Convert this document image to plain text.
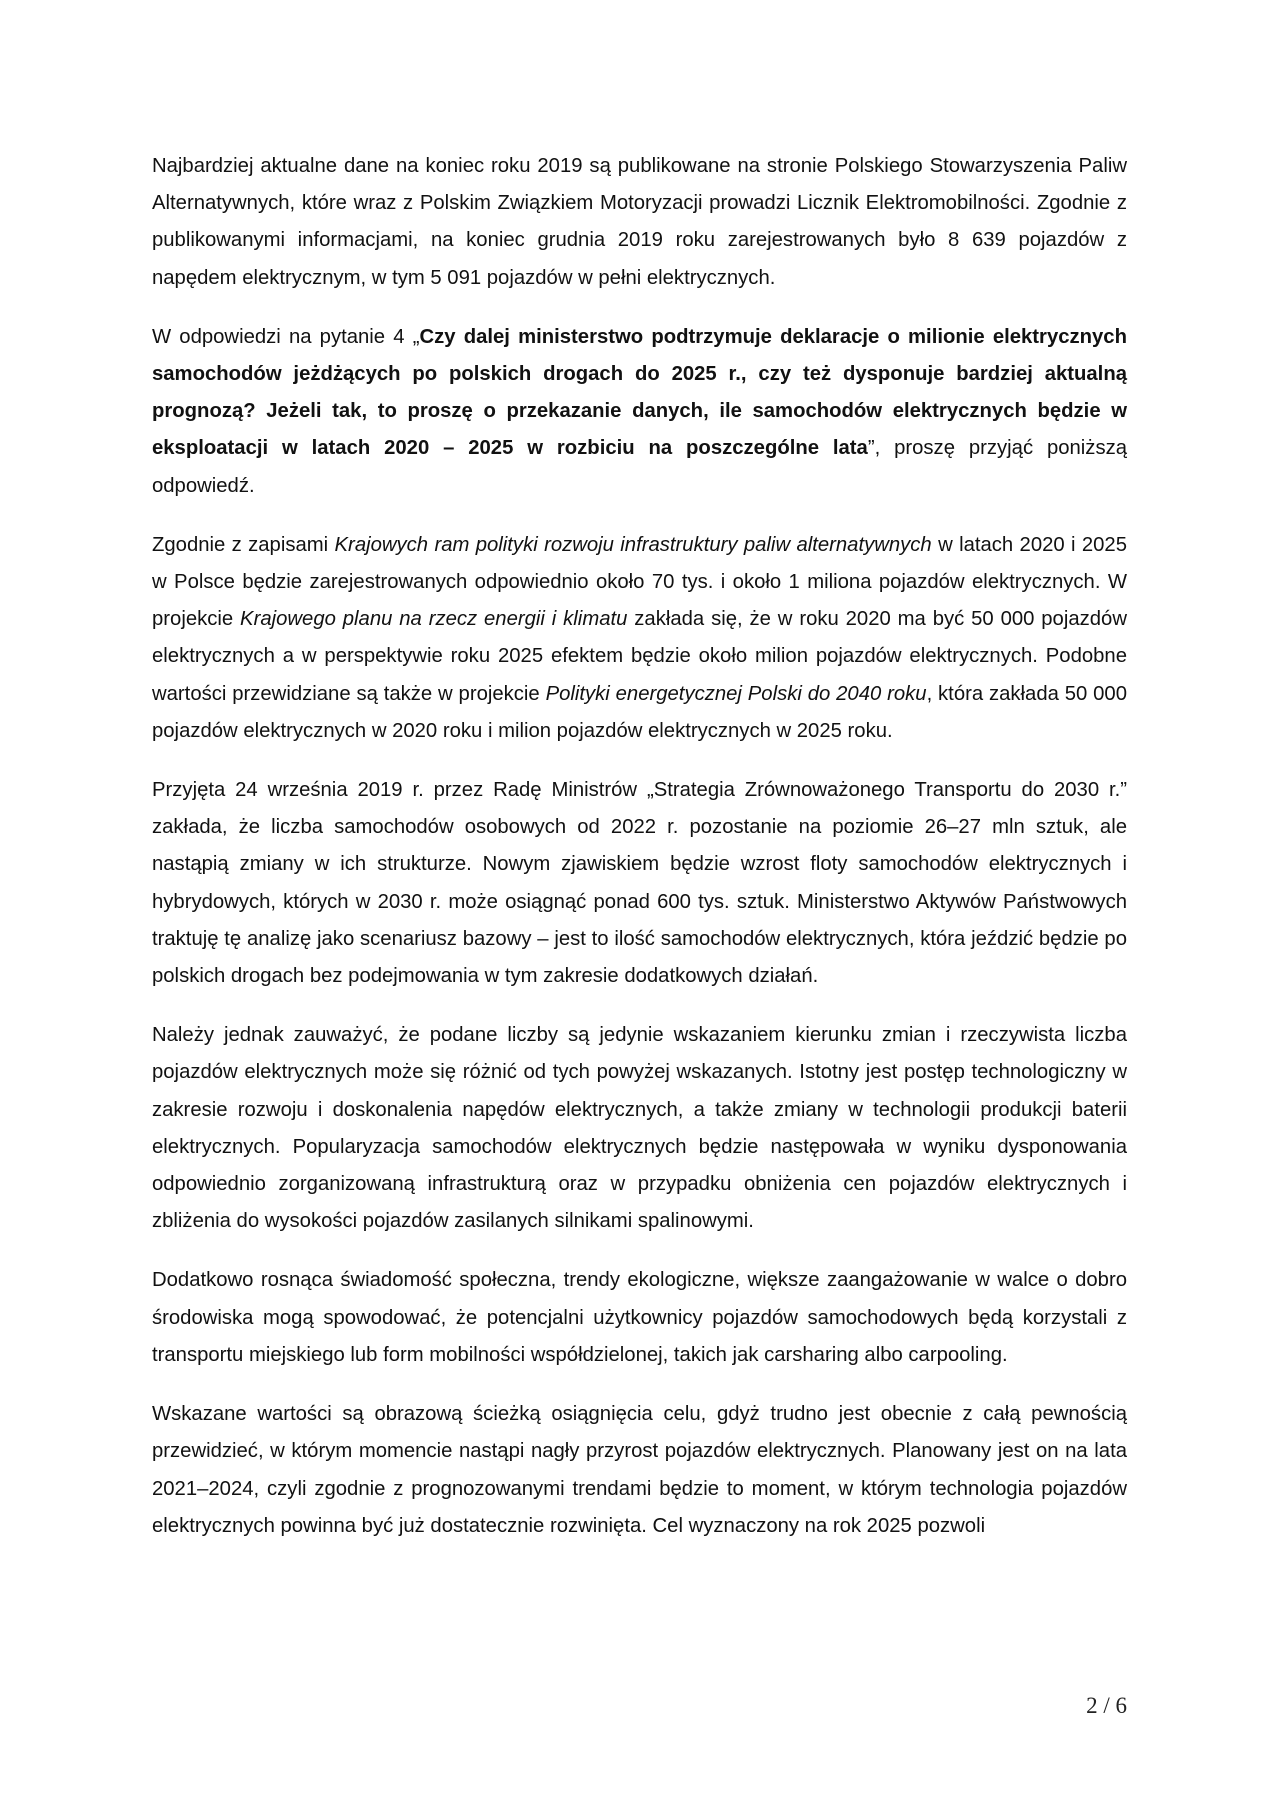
Najbardziej aktualne dane na koniec roku 2019 są publikowane na stronie Polskiego Stowarzyszenia Paliw Alternatywnych, które wraz z Polskim Związkiem Motoryzacji prowadzi Licznik Elektromobilności. Zgodnie z publikowanymi informacjami, na koniec grudnia 2019 roku zarejestrowanych było 8 639 pojazdów z napędem elektrycznym, w tym 5 091 pojazdów w pełni elektrycznych.

W odpowiedzi na pytanie 4 „Czy dalej ministerstwo podtrzymuje deklaracje o milionie elektrycznych samochodów jeżdżących po polskich drogach do 2025 r., czy też dysponuje bardziej aktualną prognozą? Jeżeli tak, to proszę o przekazanie danych, ile samochodów elektrycznych będzie w eksploatacji w latach 2020 – 2025 w rozbiciu na poszczególne lata”, proszę przyjąć poniższą odpowiedź.

Zgodnie z zapisami Krajowych ram polityki rozwoju infrastruktury paliw alternatywnych w latach 2020 i 2025 w Polsce będzie zarejestrowanych odpowiednio około 70 tys. i około 1 miliona pojazdów elektrycznych. W projekcie Krajowego planu na rzecz energii i klimatu zakłada się, że w roku 2020 ma być 50 000 pojazdów elektrycznych a w perspektywie roku 2025 efektem będzie około milion pojazdów elektrycznych. Podobne wartości przewidziane są także w projekcie Polityki energetycznej Polski do 2040 roku, która zakłada 50 000 pojazdów elektrycznych w 2020 roku i milion pojazdów elektrycznych w 2025 roku.

Przyjęta 24 września 2019 r. przez Radę Ministrów „Strategia Zrównoważonego Transportu do 2030 r.” zakłada, że liczba samochodów osobowych od 2022 r. pozostanie na poziomie 26–27 mln sztuk, ale nastąpią zmiany w ich strukturze. Nowym zjawiskiem będzie wzrost floty samochodów elektrycznych i hybrydowych, których w 2030 r. może osiągnąć ponad 600 tys. sztuk. Ministerstwo Aktywów Państwowych traktuję tę analizę jako scenariusz bazowy – jest to ilość samochodów elektrycznych, która jeździć będzie po polskich drogach bez podejmowania w tym zakresie dodatkowych działań.

Należy jednak zauważyć, że podane liczby są jedynie wskazaniem kierunku zmian i rzeczywista liczba pojazdów elektrycznych może się różnić od tych powyżej wskazanych. Istotny jest postęp technologiczny w zakresie rozwoju i doskonalenia napędów elektrycznych, a także zmiany w technologii produkcji baterii elektrycznych. Popularyzacja samochodów elektrycznych będzie następowała w wyniku dysponowania odpowiednio zorganizowaną infrastrukturą oraz w przypadku obniżenia cen pojazdów elektrycznych i zbliżenia do wysokości pojazdów zasilanych silnikami spalinowymi.

Dodatkowo rosnąca świadomość społeczna, trendy ekologiczne, większe zaangażowanie w walce o dobro środowiska mogą spowodować, że potencjalni użytkownicy pojazdów samochodowych będą korzystali z transportu miejskiego lub form mobilności współdzielonej, takich jak carsharing albo carpooling.

Wskazane wartości są obrazową ścieżką osiągnięcia celu, gdyż trudno jest obecnie z całą pewnością przewidzieć, w którym momencie nastąpi nagły przyrost pojazdów elektrycznych. Planowany jest on na lata 2021–2024, czyli zgodnie z prognozowanymi trendami będzie to moment, w którym technologia pojazdów elektrycznych powinna być już dostatecznie rozwinięta. Cel wyznaczony na rok 2025 pozwoli

2 / 6
